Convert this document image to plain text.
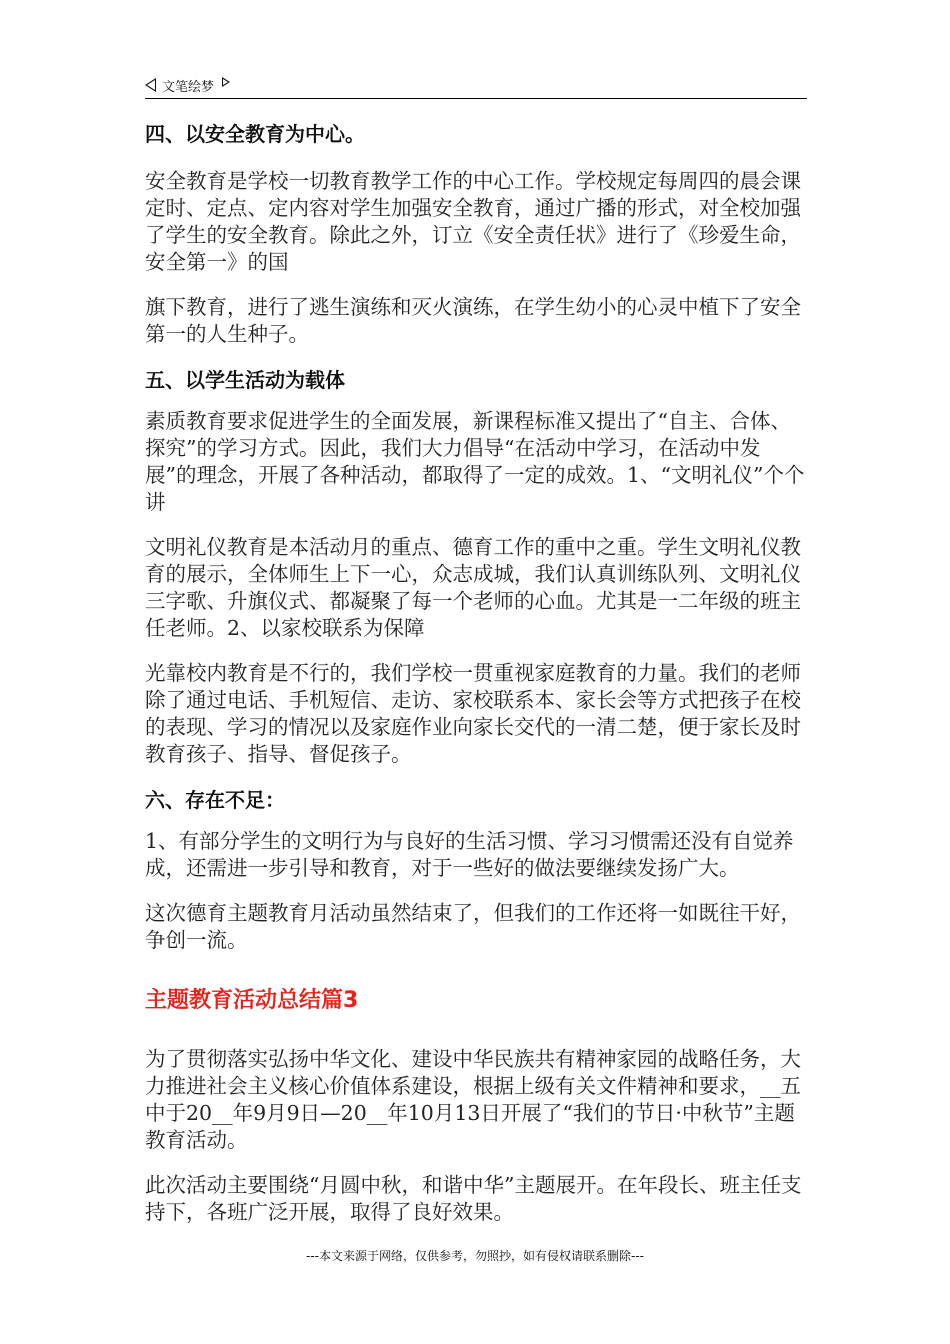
文笔绘梦

四、以安全教育为中心。

安全教育是学校一切教育教学工作的中心工作。学校规定每周四的晨会课定时、定点、定内容对学生加强安全教育，通过广播的形式，对全校加强了学生的安全教育。除此之外，订立《安全责任状》进行了《珍爱生命，安全第一》的国

旗下教育，进行了逃生演练和灭火演练，在学生幼小的心灵中植下了安全第一的人生种子。

五、以学生活动为载体

素质教育要求促进学生的全面发展，新课程标准又提出了“自主、合体、探究”的学习方式。因此，我们大力倡导“在活动中学习，在活动中发展”的理念，开展了各种活动，都取得了一定的成效。1、“文明礼仪”个个讲

文明礼仪教育是本活动月的重点、德育工作的重中之重。学生文明礼仪教育的展示，全体师生上下一心，众志成城，我们认真训练队列、文明礼仪三字歌、升旗仪式、都凝聚了每一个老师的心血。尤其是一二年级的班主任老师。2、以家校联系为保障

光靠校内教育是不行的，我们学校一贯重视家庭教育的力量。我们的老师除了通过电话、手机短信、走访、家校联系本、家长会等方式把孩子在校的表现、学习的情况以及家庭作业向家长交代的一清二楚，便于家长及时教育孩子、指导、督促孩子。

六、存在不足：

1、有部分学生的文明行为与良好的生活习惯、学习习惯需还没有自觉养成，还需进一步引导和教育，对于一些好的做法要继续发扬广大。

这次德育主题教育月活动虽然结束了，但我们的工作还将一如既往干好，争创一流。

主题教育活动总结篇3

为了贯彻落实弘扬中华文化、建设中华民族共有精神家园的战略任务，大力推进社会主义核心价值体系建设，根据上级有关文件精神和要求，__五中于20__年9月9日—20__年10月13日开展了“我们的节日·中秋节”主题教育活动。

此次活动主要围绕“月圆中秋，和谐中华”主题展开。在年段长、班主任支持下，各班广泛开展，取得了良好效果。

---本文来源于网络，仅供参考，勿照抄，如有侵权请联系删除---
